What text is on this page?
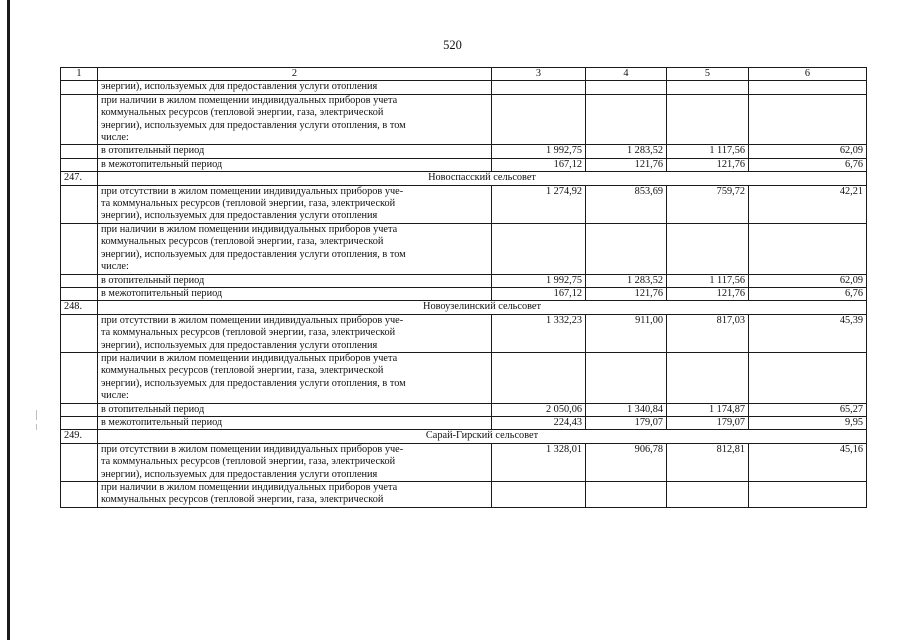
520
1	2	3	4	5	6
	энергии), используемых для предоставления услуги отопления				

	при наличии в жилом помещении индивидуальных приборов учета
коммунальных ресурсов (тепловой энергии, газа, электрической
энергии), используемых для предоставления услуги отопления, в том
числе:				

	в отопительный период	1 992,75	1 283,52	1 117,56	62,09
	в межотопительный период	167,12	121,76	121,76	6,76
247.	Новоспасский сельсовет				

	при отсутствии в жилом помещении индивидуальных приборов уче-
та коммунальных ресурсов (тепловой энергии, газа, электрической
энергии), используемых для предоставления услуги отопления	1 274,92	853,69	759,72	42,21

	при наличии в жилом помещении индивидуальных приборов учета
коммунальных ресурсов (тепловой энергии, газа, электрической
энергии), используемых для предоставления услуги отопления, в том
числе:				

	в отопительный период	1 992,75	1 283,52	1 117,56	62,09
	в межотопительный период	167,12	121,76	121,76	6,76
248.	Новоузелинский сельсовет				

	при отсутствии в жилом помещении индивидуальных приборов уче-
та коммунальных ресурсов (тепловой энергии, газа, электрической
энергии), используемых для предоставления услуги отопления	1 332,23	911,00	817,03	45,39

	при наличии в жилом помещении индивидуальных приборов учета
коммунальных ресурсов (тепловой энергии, газа, электрической
энергии), используемых для предоставления услуги отопления, в том
числе:				

	в отопительный период	2 050,06	1 340,84	1 174,87	65,27
	в межотопительный период	224,43	179,07	179,07	9,95
249.	Сарай-Гирский сельсовет				

	при отсутствии в жилом помещении индивидуальных приборов уче-
та коммунальных ресурсов (тепловой энергии, газа, электрической
энергии), используемых для предоставления услуги отопления	1 328,01	906,78	812,81	45,16

	при наличии в жилом помещении индивидуальных приборов учета
коммунальных ресурсов (тепловой энергии, газа, электрической				
